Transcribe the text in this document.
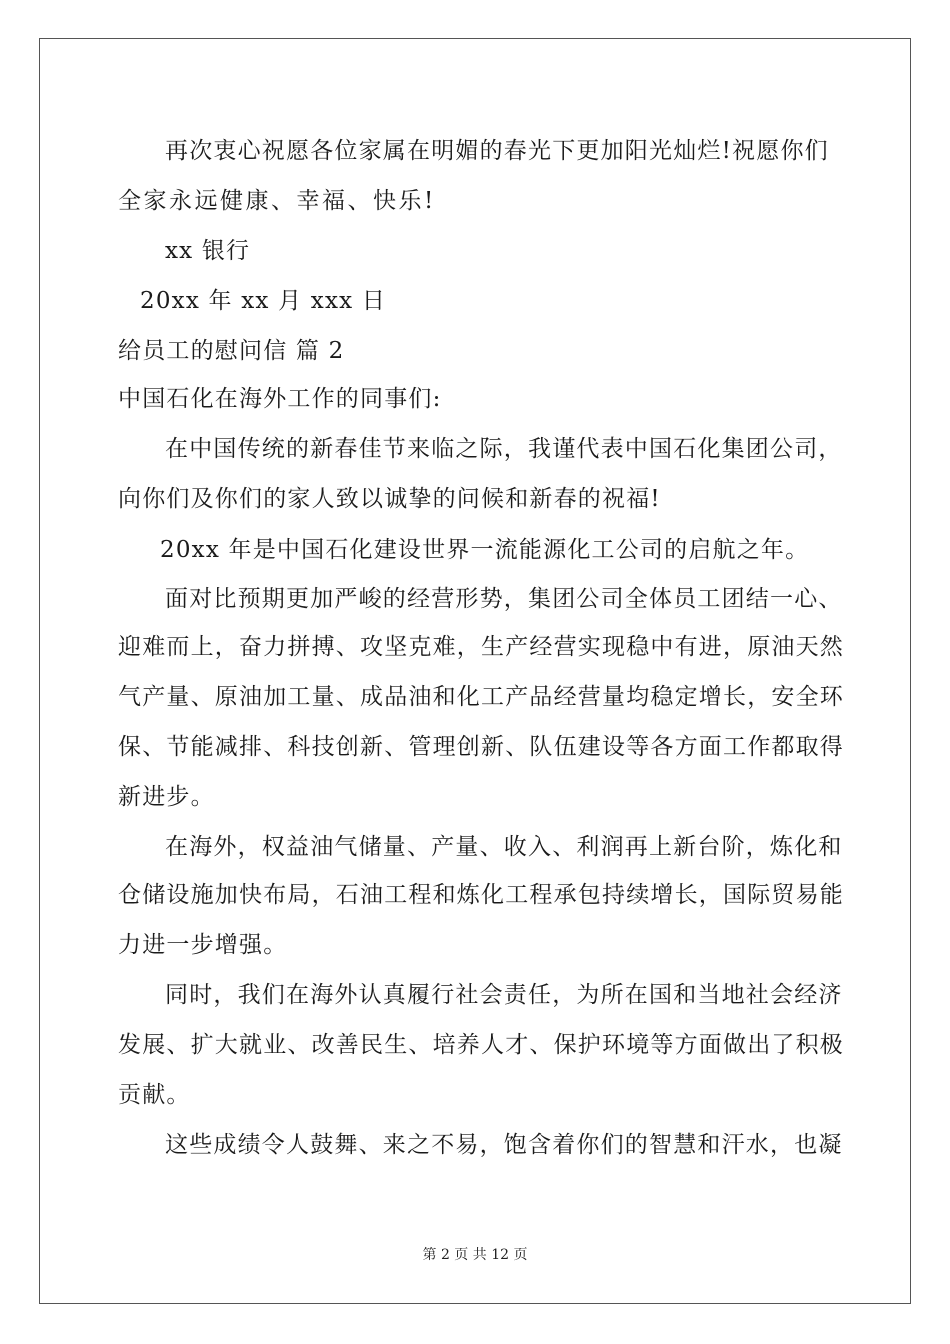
再次衷心祝愿各位家属在明媚的春光下更加阳光灿烂!祝愿你们
全家永远健康、幸福、快乐!
xx 银行
20xx 年 xx 月 xxx 日
给员工的慰问信 篇 2
中国石化在海外工作的同事们:
在中国传统的新春佳节来临之际，我谨代表中国石化集团公司，
向你们及你们的家人致以诚挚的问候和新春的祝福!
20xx 年是中国石化建设世界一流能源化工公司的启航之年。
面对比预期更加严峻的经营形势，集团公司全体员工团结一心、
迎难而上，奋力拼搏、攻坚克难，生产经营实现稳中有进，原油天然
气产量、原油加工量、成品油和化工产品经营量均稳定增长，安全环
保、节能减排、科技创新、管理创新、队伍建设等各方面工作都取得
新进步。
在海外，权益油气储量、产量、收入、利润再上新台阶，炼化和
仓储设施加快布局，石油工程和炼化工程承包持续增长，国际贸易能
力进一步增强。
同时，我们在海外认真履行社会责任，为所在国和当地社会经济
发展、扩大就业、改善民生、培养人才、保护环境等方面做出了积极
贡献。
这些成绩令人鼓舞、来之不易，饱含着你们的智慧和汗水，也凝
第 2 页 共 12 页
